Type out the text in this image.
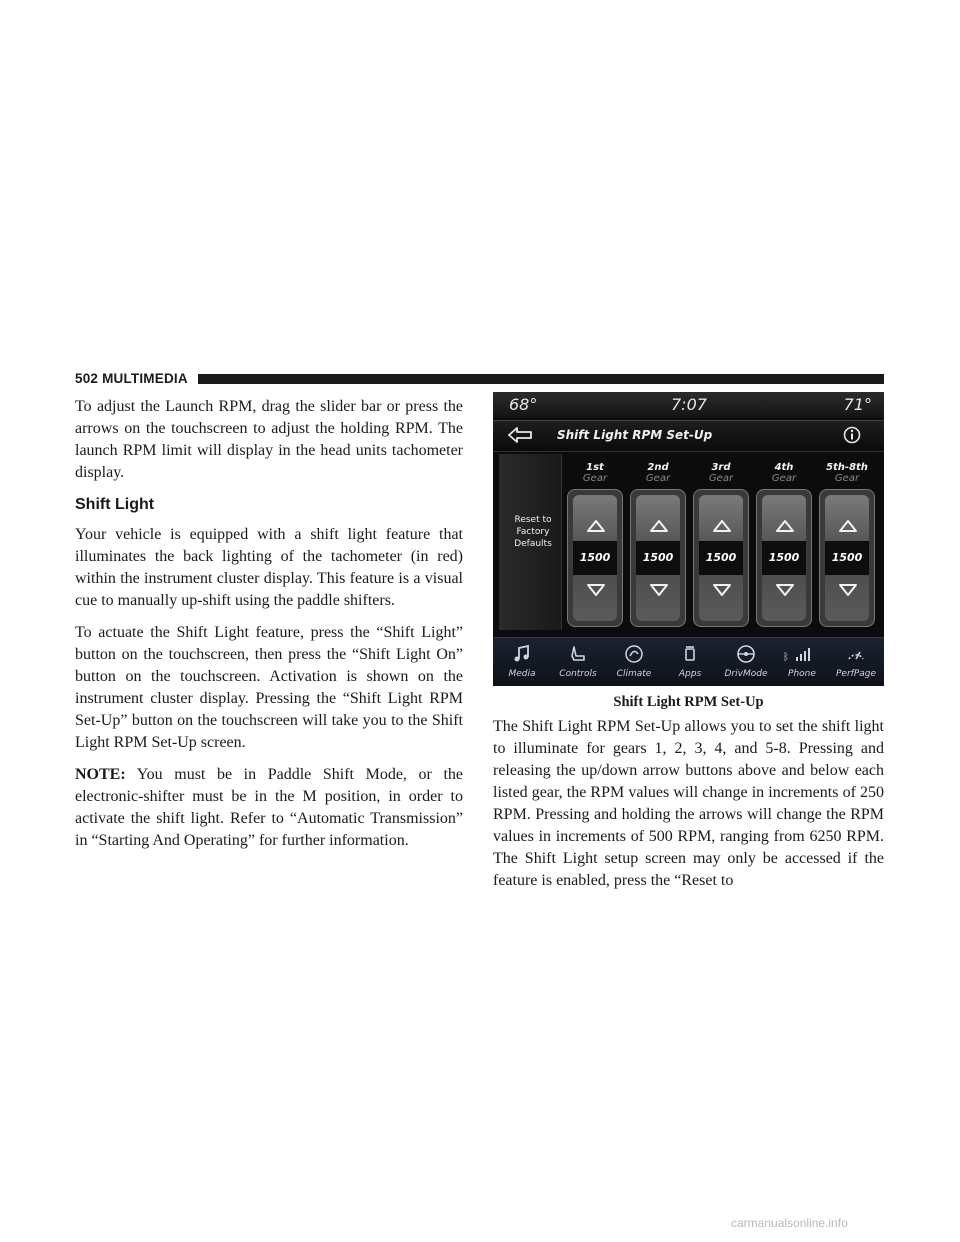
502 MULTIMEDIA

To adjust the Launch RPM, drag the slider bar or press the arrows on the touchscreen to adjust the holding RPM. The launch RPM limit will display in the head units tachometer display.

Shift Light

Your vehicle is equipped with a shift light feature that illuminates the back lighting of the tachometer (in red) within the instrument cluster display. This feature is a visual cue to manually up-shift using the paddle shifters.

To actuate the Shift Light feature, press the “Shift Light” button on the touchscreen, then press the “Shift Light On” button on the touchscreen. Activation is shown on the instrument cluster display. Pressing the “Shift Light RPM Set-Up” button on the touchscreen will take you to the Shift Light RPM Set-Up screen.

NOTE: You must be in Paddle Shift Mode, or the electronic-shifter must be in the M position, in order to activate the shift light. Refer to “Automatic Transmission” in “Starting And Operating” for further information.

68°	7:07	71°
Shift Light RPM Set-Up
Reset to
Factory
Defaults
1st
Gear
1500
2nd
Gear
1500
3rd
Gear
1500
4th
Gear
1500
5th-8th
Gear
1500
Media	Controls	Climate	Apps	DrivMode
ᛒ
Phone	PerfPage
Shift Light RPM Set-Up

The Shift Light RPM Set-Up allows you to set the shift light to illuminate for gears 1, 2, 3, 4, and 5-8. Pressing and releasing the up/down arrow buttons above and below each listed gear, the RPM values will change in increments of 250 RPM. Pressing and holding the arrows will change the RPM values in increments of 500 RPM, ranging from 6250 RPM. The Shift Light setup screen may only be accessed if the feature is enabled, press the “Reset to

carmanualsonline.info
